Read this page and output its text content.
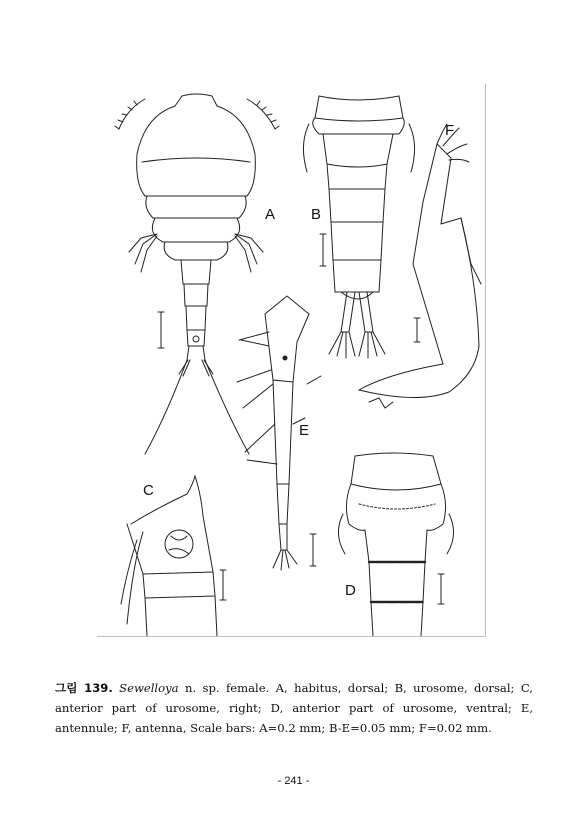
A B
F
E
C
D
그림 139. Sewelloya n. sp. female. A, habitus, dorsal; B, urosome, dorsal; C, anterior part of urosome, right; D, anterior part of urosome, ventral; E, antennule; F, antenna, Scale bars: A=0.2 mm; B-E=0.05 mm; F=0.02 mm.
- 241 -
